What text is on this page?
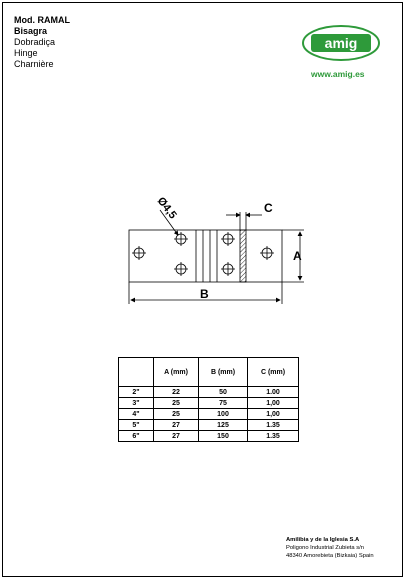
Mod. RAMAL
Bisagra
Dobradiça
Hinge
Charnière
amig
www.amig.es
Ø4,5	C
A
B
	A (mm)	B (mm)	C (mm)
2"	22	50	1.00
3"	25	75	1,00
4"	25	100	1,00
5"	27	125	1.35
6"	27	150	1.35
Amilibia y de la Iglesia S.A
Poligono Industrial Zubieta s/n
48340 Amorebieta (Bizkaia) Spain
